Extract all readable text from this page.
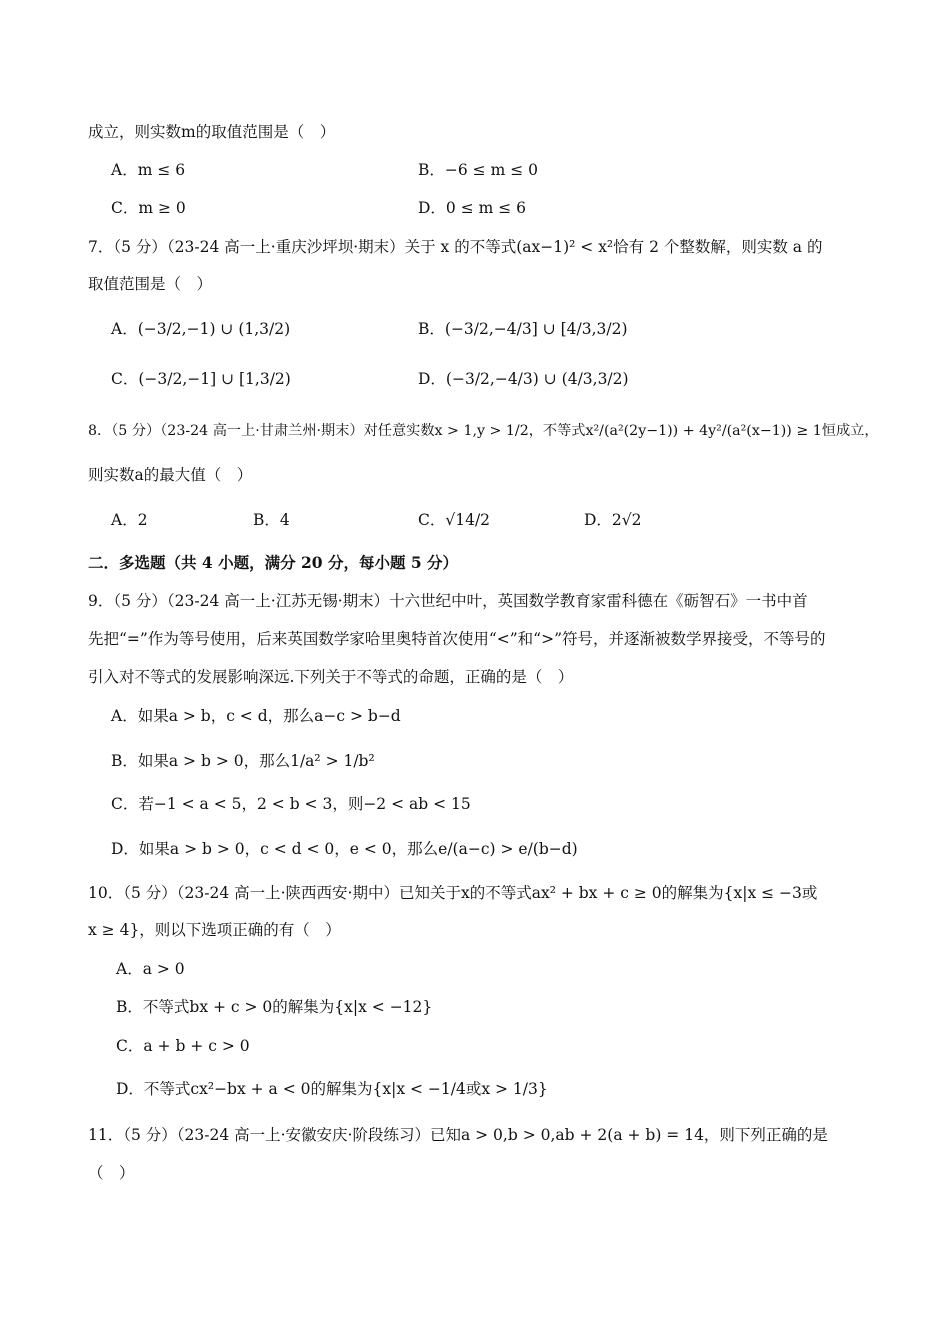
成立，则实数m的取值范围是（　）
A．m ≤ 6	B．−6 ≤ m ≤ 0
C．m ≥ 0	D．0 ≤ m ≤ 6
7．（5 分）（23-24 高一上·重庆沙坪坝·期末）关于 x 的不等式(ax−1)² < x²恰有 2 个整数解，则实数 a 的
取值范围是（　）
A．(−3/2,−1) ∪ (1,3/2)	B．(−3/2,−4/3] ∪ [4/3,3/2)
C．(−3/2,−1] ∪ [1,3/2)	D．(−3/2,−4/3) ∪ (4/3,3/2)
8．（5 分）（23-24 高一上·甘肃兰州·期末）对任意实数x > 1,y > 1/2，不等式x²/(a²(2y−1)) + 4y²/(a²(x−1)) ≥ 1恒成立，
则实数a的最大值（　）
A．2	B．4	C．√14/2	D．2√2
二．多选题（共 4 小题，满分 20 分，每小题 5 分）
9．（5 分）（23-24 高一上·江苏无锡·期末）十六世纪中叶，英国数学教育家雷科德在《砺智石》一书中首
先把“=”作为等号使用，后来英国数学家哈里奥特首次使用“<”和“>”符号，并逐渐被数学界接受，不等号的
引入对不等式的发展影响深远.下列关于不等式的命题，正确的是（　）
A．如果a > b，c < d，那么a−c > b−d
B．如果a > b > 0，那么1/a² > 1/b²
C．若−1 < a < 5，2 < b < 3，则−2 < ab < 15
D．如果a > b > 0，c < d < 0，e < 0，那么e/(a−c) > e/(b−d)
10．（5 分）（23-24 高一上·陕西西安·期中）已知关于x的不等式ax² + bx + c ≥ 0的解集为{x|x ≤ −3或
x ≥ 4}，则以下选项正确的有（　）
A．a > 0
B．不等式bx + c > 0的解集为{x|x < −12}
C．a + b + c > 0
D．不等式cx²−bx + a < 0的解集为{x|x < −1/4或x > 1/3}
11．（5 分）（23-24 高一上·安徽安庆·阶段练习）已知a > 0,b > 0,ab + 2(a + b) = 14，则下列正确的是
（　）
